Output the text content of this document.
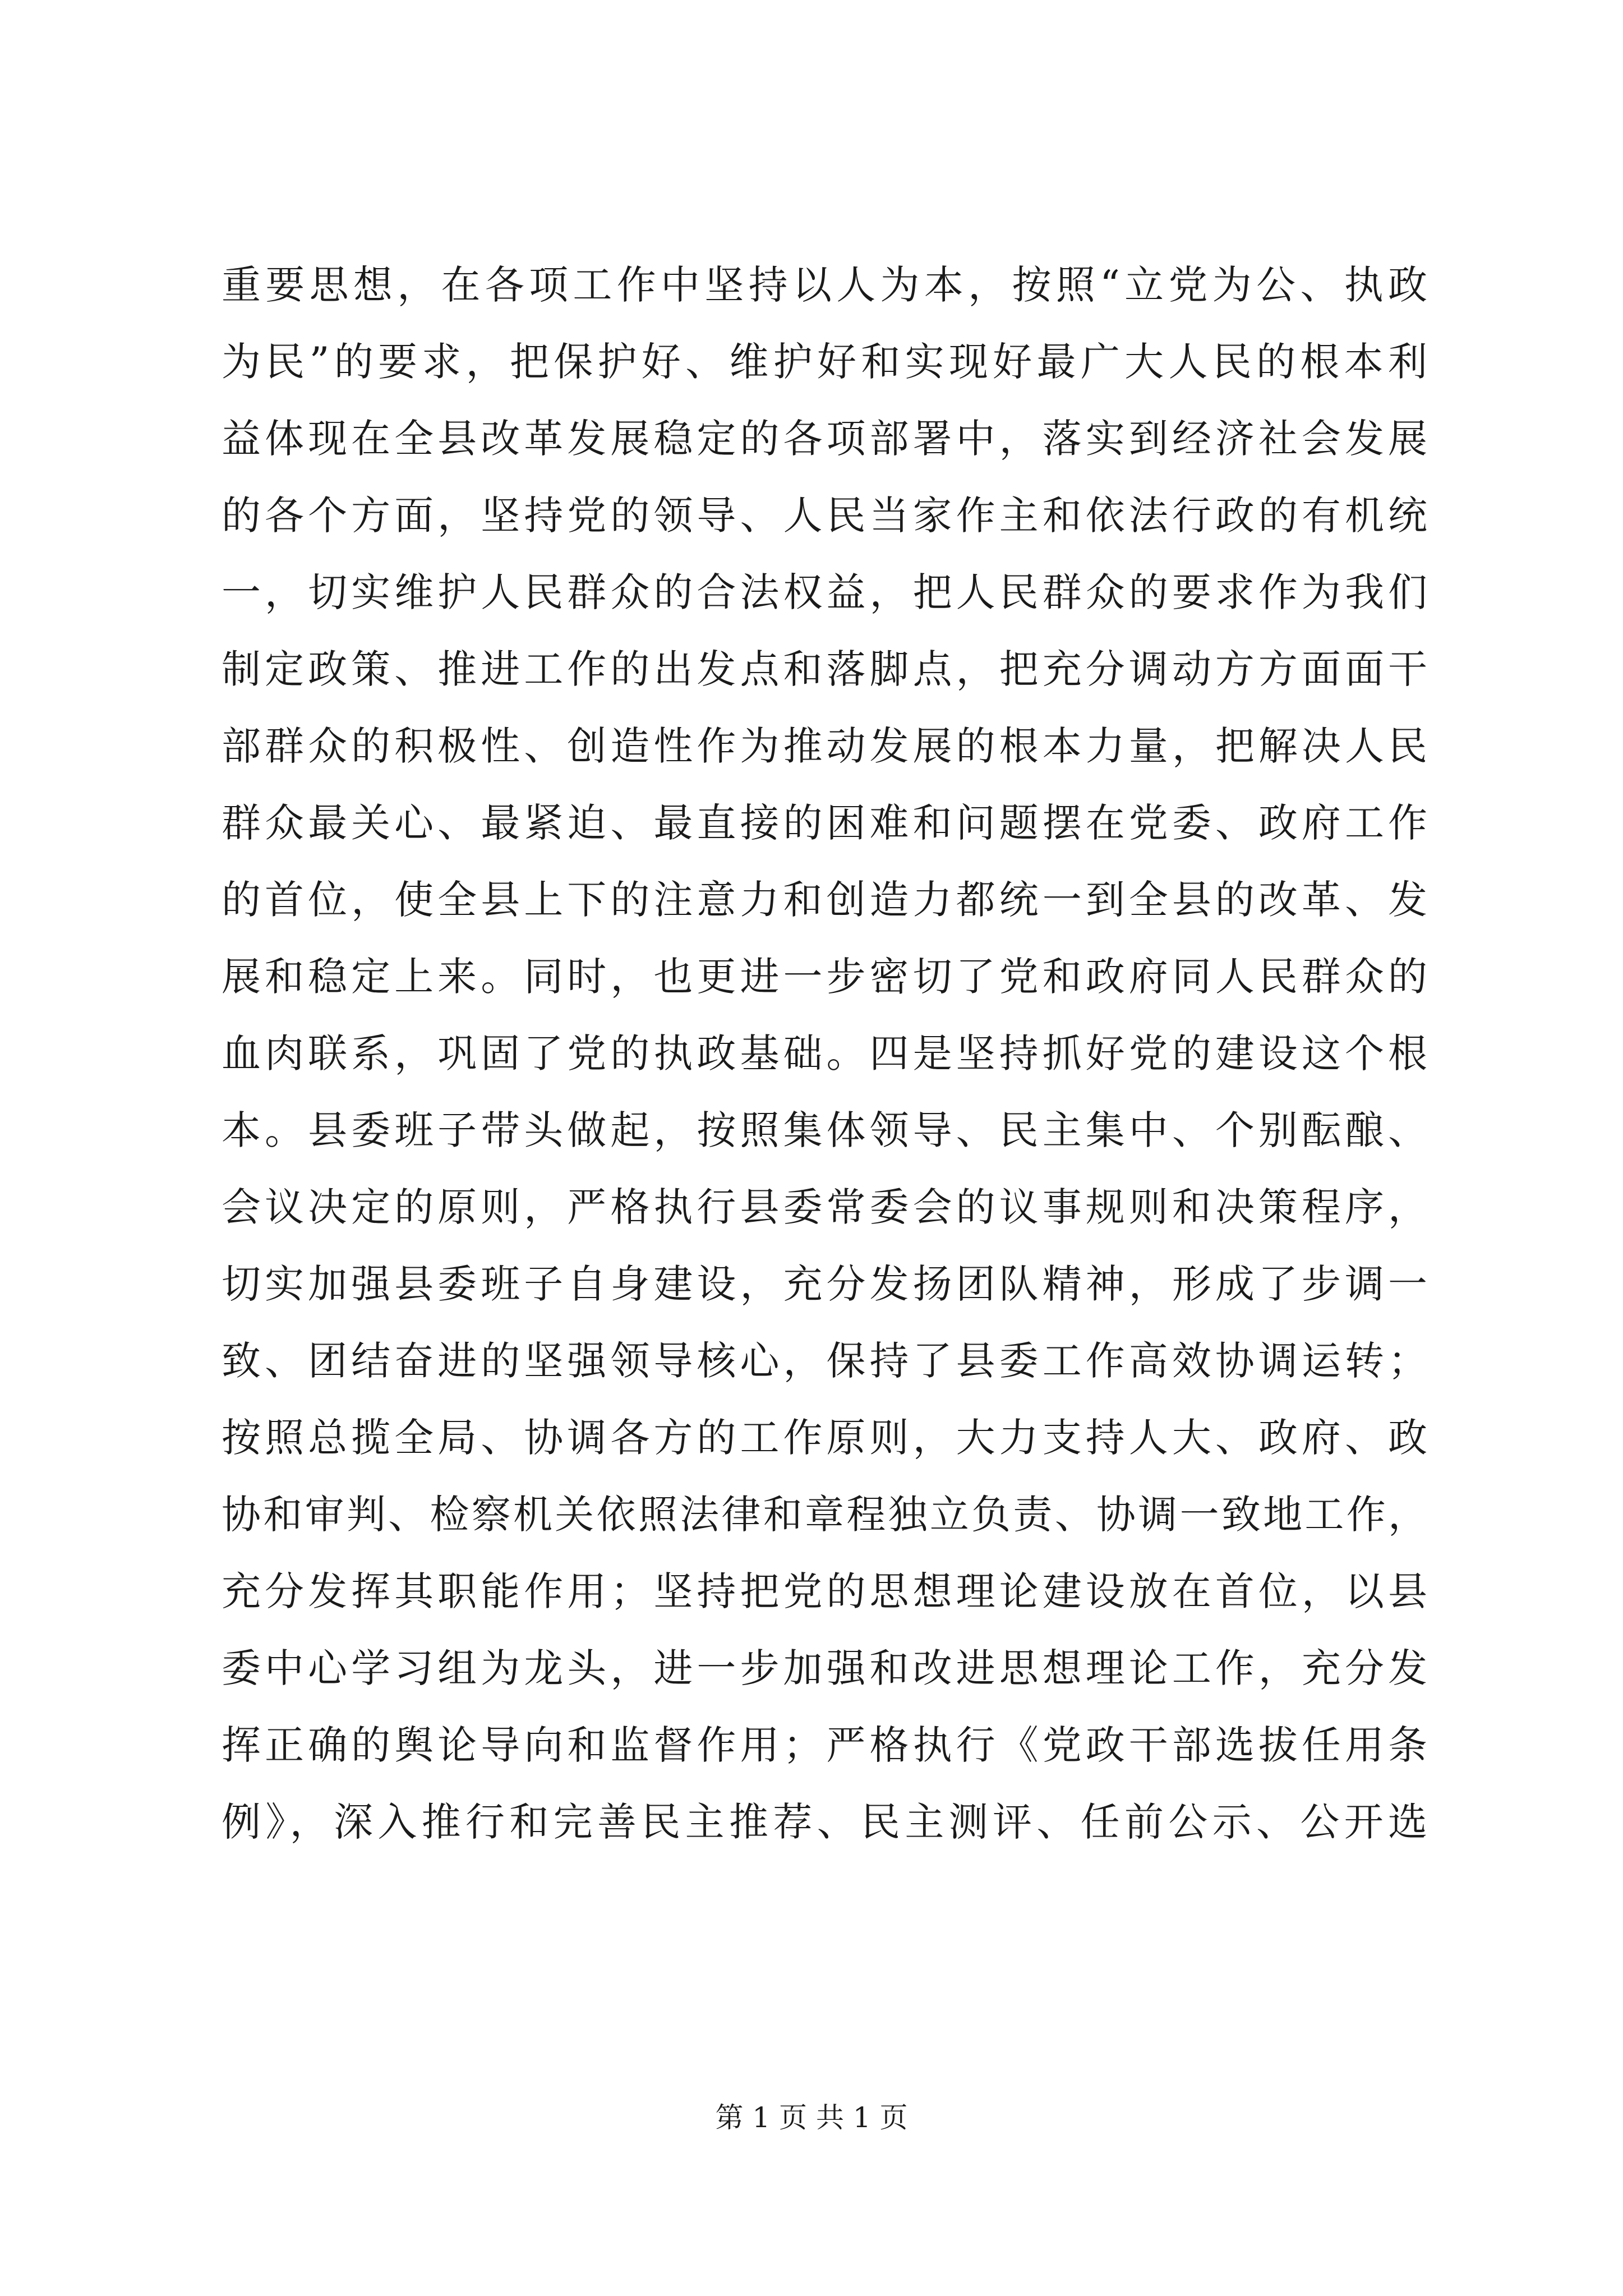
重要思想，在各项工作中坚持以人为本，按照“立党为公、执政
为民”的要求，把保护好、维护好和实现好最广大人民的根本利
益体现在全县改革发展稳定的各项部署中，落实到经济社会发展
的各个方面，坚持党的领导、人民当家作主和依法行政的有机统
一，切实维护人民群众的合法权益，把人民群众的要求作为我们
制定政策、推进工作的出发点和落脚点，把充分调动方方面面干
部群众的积极性、创造性作为推动发展的根本力量，把解决人民
群众最关心、最紧迫、最直接的困难和问题摆在党委、政府工作
的首位，使全县上下的注意力和创造力都统一到全县的改革、发
展和稳定上来。同时，也更进一步密切了党和政府同人民群众的
血肉联系，巩固了党的执政基础。四是坚持抓好党的建设这个根
本。县委班子带头做起，按照集体领导、民主集中、个别酝酿、
会议决定的原则，严格执行县委常委会的议事规则和决策程序，
切实加强县委班子自身建设，充分发扬团队精神，形成了步调一
致、团结奋进的坚强领导核心，保持了县委工作高效协调运转；
按照总揽全局、协调各方的工作原则，大力支持人大、政府、政
协和审判、检察机关依照法律和章程独立负责、协调一致地工作，
充分发挥其职能作用；坚持把党的思想理论建设放在首位，以县
委中心学习组为龙头，进一步加强和改进思想理论工作，充分发
挥正确的舆论导向和监督作用；严格执行《党政干部选拔任用条
例》，深入推行和完善民主推荐、民主测评、任前公示、公开选
第 1 页 共 1 页
